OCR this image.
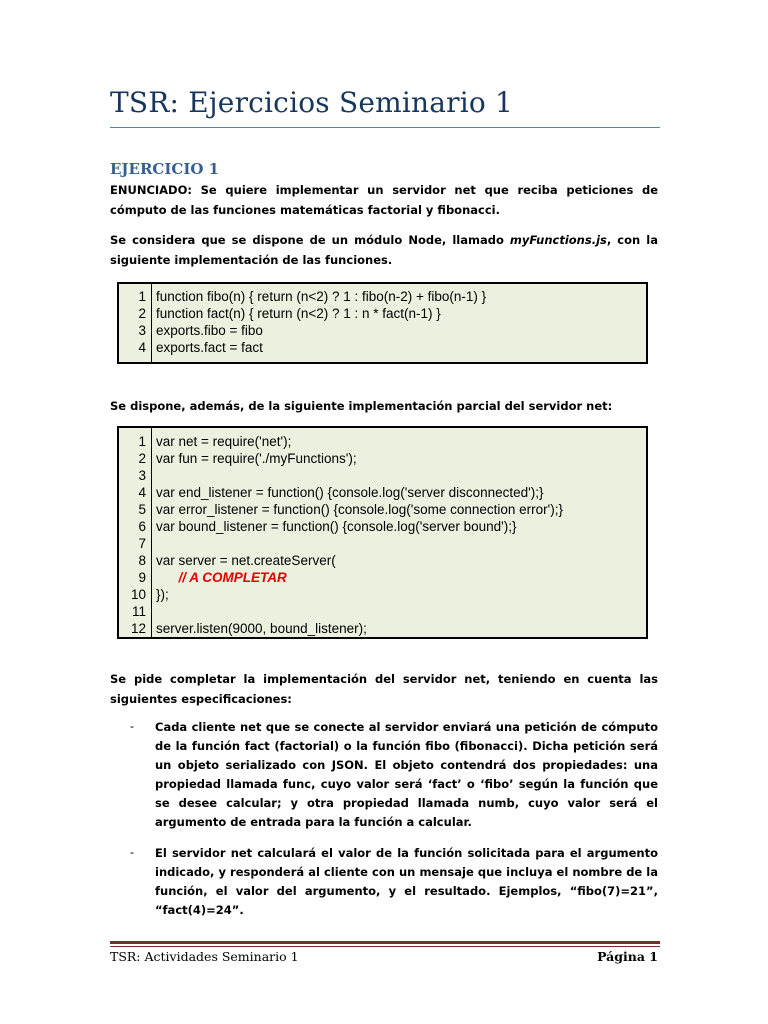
TSR: Ejercicios Seminario 1
EJERCICIO 1
ENUNCIADO: Se quiere implementar un servidor net que reciba peticiones de cómputo de las funciones matemáticas factorial y fibonacci.
Se considera que se dispone de un módulo Node, llamado myFunctions.js, con la siguiente implementación de las funciones.
1 function fibo(n) { return (n<2) ? 1 : fibo(n-2) + fibo(n-1) }
2 function fact(n) { return (n<2) ? 1 : n * fact(n-1) }
3 exports.fibo = fibo
4 exports.fact = fact
Se dispone, además, de la siguiente implementación parcial del servidor net:
1 var net = require('net');
2 var fun = require('./myFunctions');
3
4 var end_listener = function() {console.log('server disconnected');}
5 var error_listener = function() {console.log('some connection error');}
6 var bound_listener = function() {console.log('server bound');}
7
8 var server = net.createServer(
9 // A COMPLETAR
10 });
11
12 server.listen(9000, bound_listener);
Se pide completar la implementación del servidor net, teniendo en cuenta las siguientes especificaciones:
- Cada cliente net que se conecte al servidor enviará una petición de cómputo de la función fact (factorial) o la función fibo (fibonacci). Dicha petición será un objeto serializado con JSON. El objeto contendrá dos propiedades: una propiedad llamada func, cuyo valor será ‘fact’ o ‘fibo’ según la función que se desee calcular; y otra propiedad llamada numb, cuyo valor será el argumento de entrada para la función a calcular.
- El servidor net calculará el valor de la función solicitada para el argumento indicado, y responderá al cliente con un mensaje que incluya el nombre de la función, el valor del argumento, y el resultado. Ejemplos, “fibo(7)=21”, “fact(4)=24”.
TSR: Actividades Seminario 1	Página 1
